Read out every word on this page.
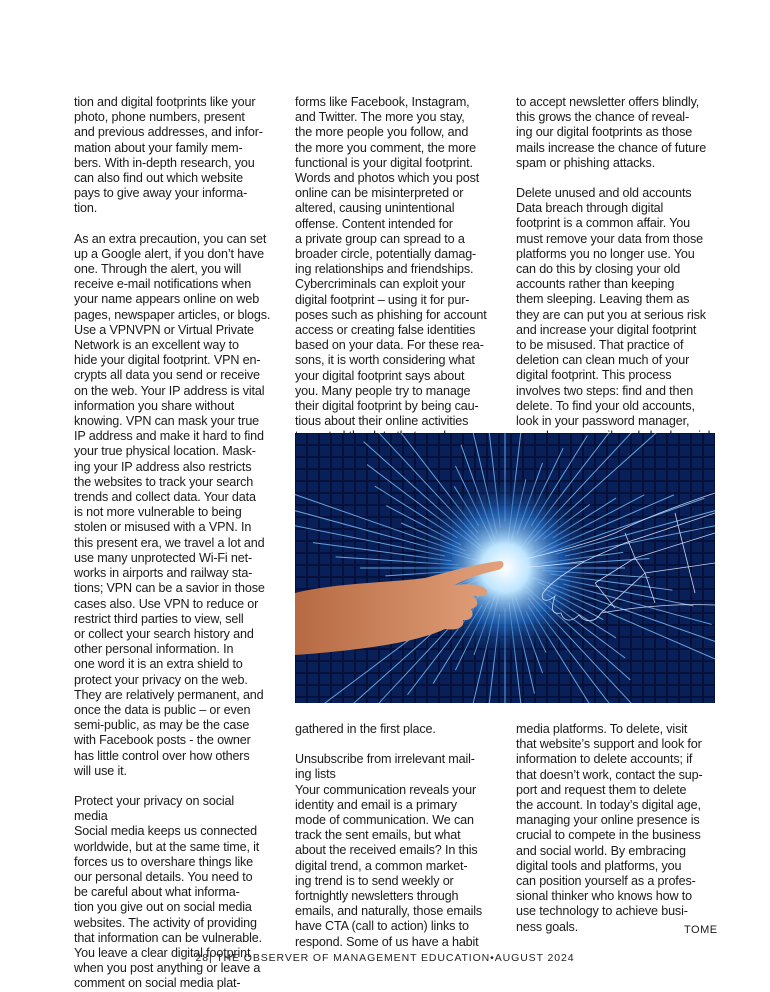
tion and digital footprints like your
photo, phone numbers, present
and previous addresses, and infor-
mation about your family mem-
bers. With in-depth research, you
can also find out which website
pays to give away your informa-
tion.

As an extra precaution, you can set
up a Google alert, if you don’t have
one. Through the alert, you will
receive e-mail notifications when
your name appears online on web
pages, newspaper articles, or blogs.
Use a VPNVPN or Virtual Private
Network is an excellent way to
hide your digital footprint. VPN en-
crypts all data you send or receive
on the web. Your IP address is vital
information you share without
knowing. VPN can mask your true
IP address and make it hard to find
your true physical location. Mask-
ing your IP address also restricts
the websites to track your search
trends and collect data. Your data
is not more vulnerable to being
stolen or misused with a VPN. In
this present era, we travel a lot and
use many unprotected Wi-Fi net-
works in airports and railway sta-
tions; VPN can be a savior in those
cases also. Use VPN to reduce or
restrict third parties to view, sell
or collect your search history and
other personal information. In
one word it is an extra shield to
protect your privacy on the web.
They are relatively permanent, and
once the data is public – or even
semi-public, as may be the case
with Facebook posts - the owner
has little control over how others
will use it.

Protect your privacy on social
media
Social media keeps us connected
worldwide, but at the same time, it
forces us to overshare things like
our personal details. You need to
be careful about what informa-
tion you give out on social media
websites. The activity of providing
that information can be vulnerable.
You leave a clear digital footprint
when you post anything or leave a
comment on social media plat-

forms like Facebook, Instagram,
and Twitter. The more you stay,
the more people you follow, and
the more you comment, the more
functional is your digital footprint.
Words and photos which you post
online can be misinterpreted or
altered, causing unintentional
offense. Content intended for
a private group can spread to a
broader circle, potentially damag-
ing relationships and friendships.
Cybercriminals can exploit your
digital footprint – using it for pur-
poses such as phishing for account
access or creating false identities
based on your data. For these rea-
sons, it is worth considering what
your digital footprint says about
you. Many people try to manage
their digital footprint by being cau-
tious about their online activities

to accept newsletter offers blindly,
this grows the chance of reveal-
ing our digital footprints as those
mails increase the chance of future
spam or phishing attacks.

Delete unused and old accounts
Data breach through digital
footprint is a common affair. You
must remove your data from those
platforms you no longer use. You
can do this by closing your old
accounts rather than keeping
them sleeping. Leaving them as
they are can put you at serious risk
and increase your digital footprint
to be misused. That practice of
deletion can clean much of your
digital footprint. This process
involves two steps: find and then
delete. To find your old accounts,
look in your password manager,

gathered in the first place.

Unsubscribe from irrelevant mail-
ing lists
Your communication reveals your
identity and email is a primary
mode of communication. We can
track the sent emails, but what
about the received emails? In this
digital trend, a common market-
ing trend is to send weekly or
fortnightly newsletters through
emails, and naturally, those emails
have CTA (call to action) links to
respond. Some of us have a habit

media platforms. To delete, visit
that website’s support and look for
information to delete accounts; if
that doesn’t work, contact the sup-
port and request them to delete
the account. In today’s digital age,
managing your online presence is
crucial to compete in the business
and social world. By embracing
digital tools and platforms, you
can position yourself as a profes-
sional thinker who knows how to
use technology to achieve busi-
ness goals.	TOME
28| THE OBSERVER OF MANAGEMENT EDUCATION•AUGUST 2024
